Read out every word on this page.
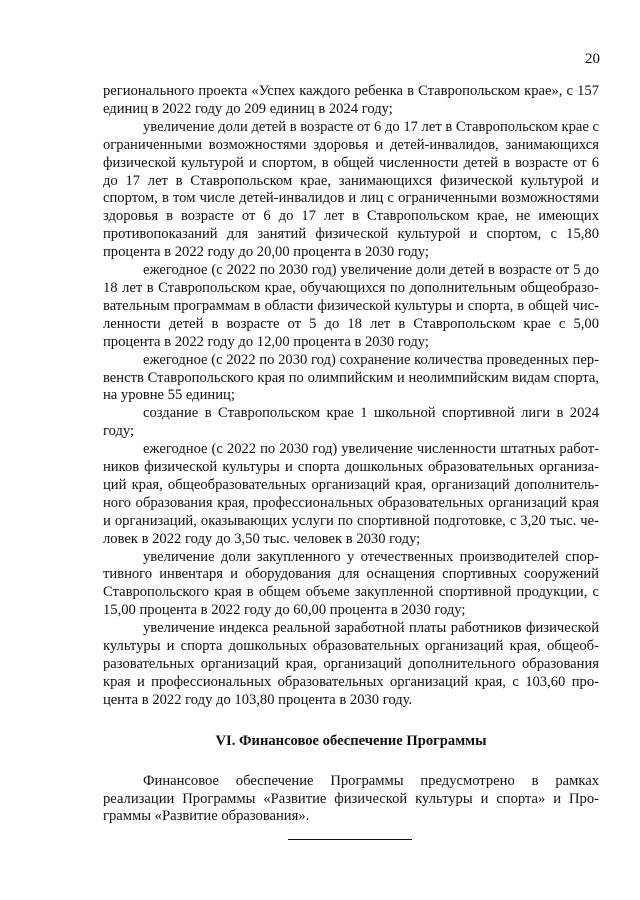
20

регионального проекта «Успех каждого ребенка в Ставропольском крае», с 157 единиц в 2022 году до 209 единиц в 2024 году;

увеличение доли детей в возрасте от 6 до 17 лет в Ставропольском крае с ограниченными возможностями здоровья и детей-инвалидов, занимающихся физической культурой и спортом, в общей численности детей в возрасте от 6 до 17 лет в Ставропольском крае, занимающихся физической культурой и спортом, в том числе детей-инвалидов и лиц с ограниченными возможностями здоровья в возрасте от 6 до 17 лет в Ставропольском крае, не имеющих противопоказаний для занятий физической культурой и спортом, с 15,80 процента в 2022 году до 20,00 процента в 2030 году;

ежегодное (с 2022 по 2030 год) увеличение доли детей в возрасте от 5 до 18 лет в Ставропольском крае, обучающихся по дополнительным общеобразовательным программам в области физической культуры и спорта, в общей численности детей в возрасте от 5 до 18 лет в Ставропольском крае с 5,00 процента в 2022 году до 12,00 процента в 2030 году;

ежегодное (с 2022 по 2030 год) сохранение количества проведенных первенств Ставропольского края по олимпийским и неолимпийским видам спорта, на уровне 55 единиц;

создание в Ставропольском крае 1 школьной спортивной лиги в 2024 году;

ежегодное (с 2022 по 2030 год) увеличение численности штатных работников физической культуры и спорта дошкольных образовательных организаций края, общеобразовательных организаций края, организаций дополнительного образования края, профессиональных образовательных организаций края и организаций, оказывающих услуги по спортивной подготовке, с 3,20 тыс. человек в 2022 году до 3,50 тыс. человек в 2030 году;

увеличение доли закупленного у отечественных производителей спортивного инвентаря и оборудования для оснащения спортивных сооружений Ставропольского края в общем объеме закупленной спортивной продукции, с 15,00 процента в 2022 году до 60,00 процента в 2030 году;

увеличение индекса реальной заработной платы работников физической культуры и спорта дошкольных образовательных организаций края, общеобразовательных организаций края, организаций дополнительного образования края и профессиональных образовательных организаций края, с 103,60 процента в 2022 году до 103,80 процента в 2030 году.

VI. Финансовое обеспечение Программы

Финансовое обеспечение Программы предусмотрено в рамках реализации Программы «Развитие физической культуры и спорта» и Программы «Развитие образования».
